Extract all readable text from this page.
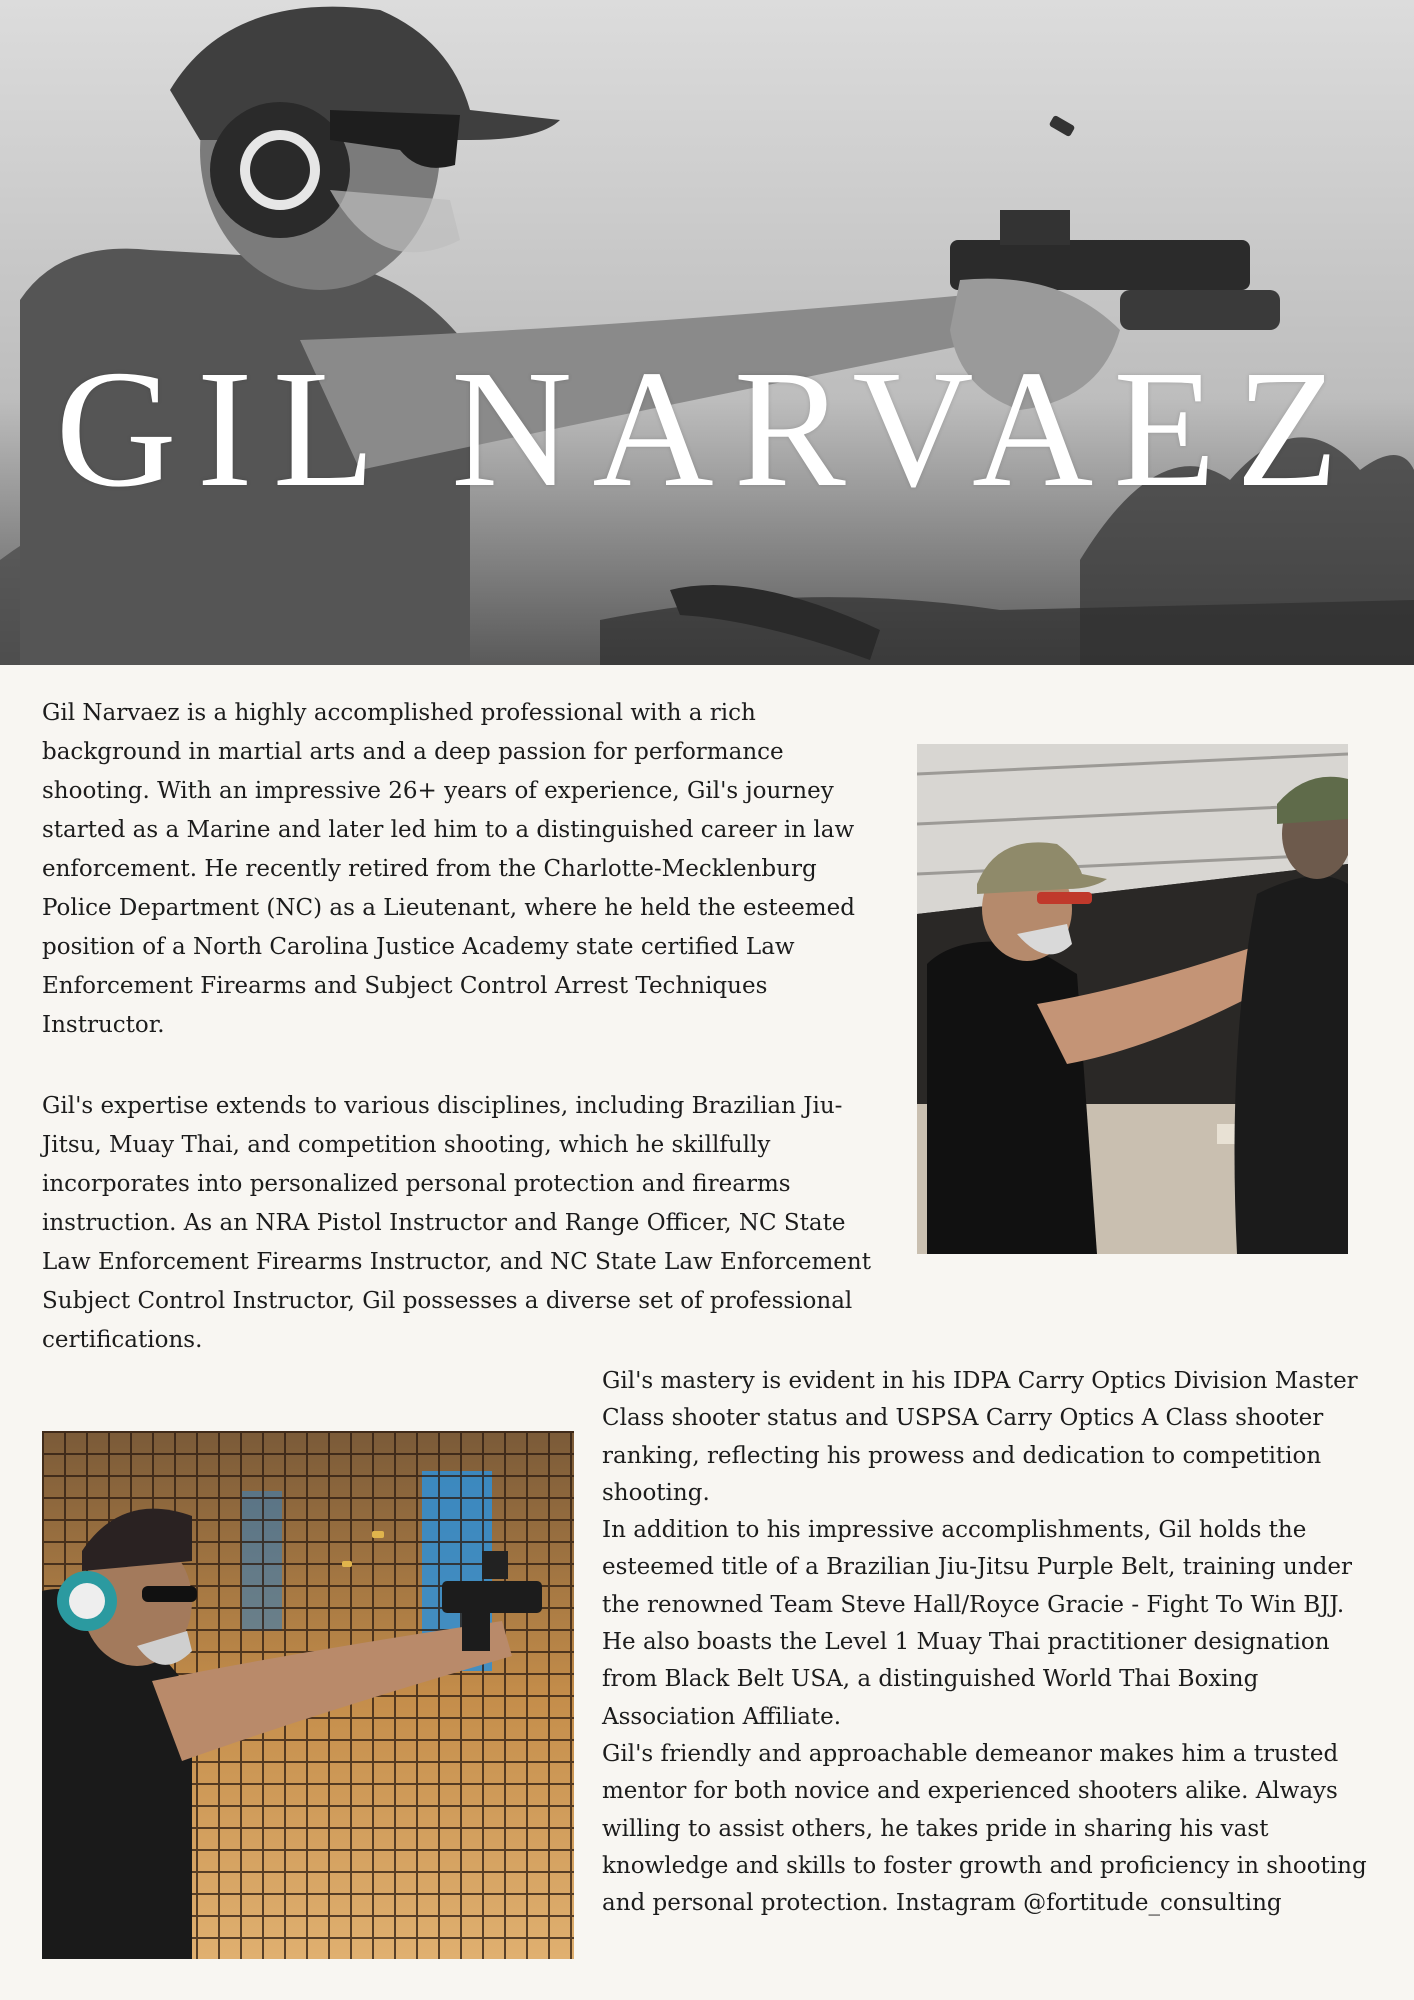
GIL NARVAEZ

Gil Narvaez is a highly accomplished professional with a rich background in martial arts and a deep passion for performance shooting. With an impressive 26+ years of experience, Gil's journey started as a Marine and later led him to a distinguished career in law enforcement. He recently retired from the Charlotte-Mecklenburg Police Department (NC) as a Lieutenant, where he held the esteemed position of a North Carolina Justice Academy state certified Law Enforcement Firearms and Subject Control Arrest Techniques Instructor.

Gil's expertise extends to various disciplines, including Brazilian Jiu-Jitsu, Muay Thai, and competition shooting, which he skillfully incorporates into personalized personal protection and firearms instruction. As an NRA Pistol Instructor and Range Officer, NC State Law Enforcement Firearms Instructor, and NC State Law Enforcement Subject Control Instructor, Gil possesses a diverse set of professional certifications.

Gil's mastery is evident in his IDPA Carry Optics Division Master Class shooter status and USPSA Carry Optics A Class shooter ranking, reflecting his prowess and dedication to competition shooting.
In addition to his impressive accomplishments, Gil holds the esteemed title of a Brazilian Jiu-Jitsu Purple Belt, training under the renowned Team Steve Hall/Royce Gracie - Fight To Win BJJ. He also boasts the Level 1 Muay Thai practitioner designation from Black Belt USA, a distinguished World Thai Boxing Association Affiliate.
Gil's friendly and approachable demeanor makes him a trusted mentor for both novice and experienced shooters alike. Always willing to assist others, he takes pride in sharing his vast knowledge and skills to foster growth and proficiency in shooting and personal protection. Instagram @fortitude_consulting
